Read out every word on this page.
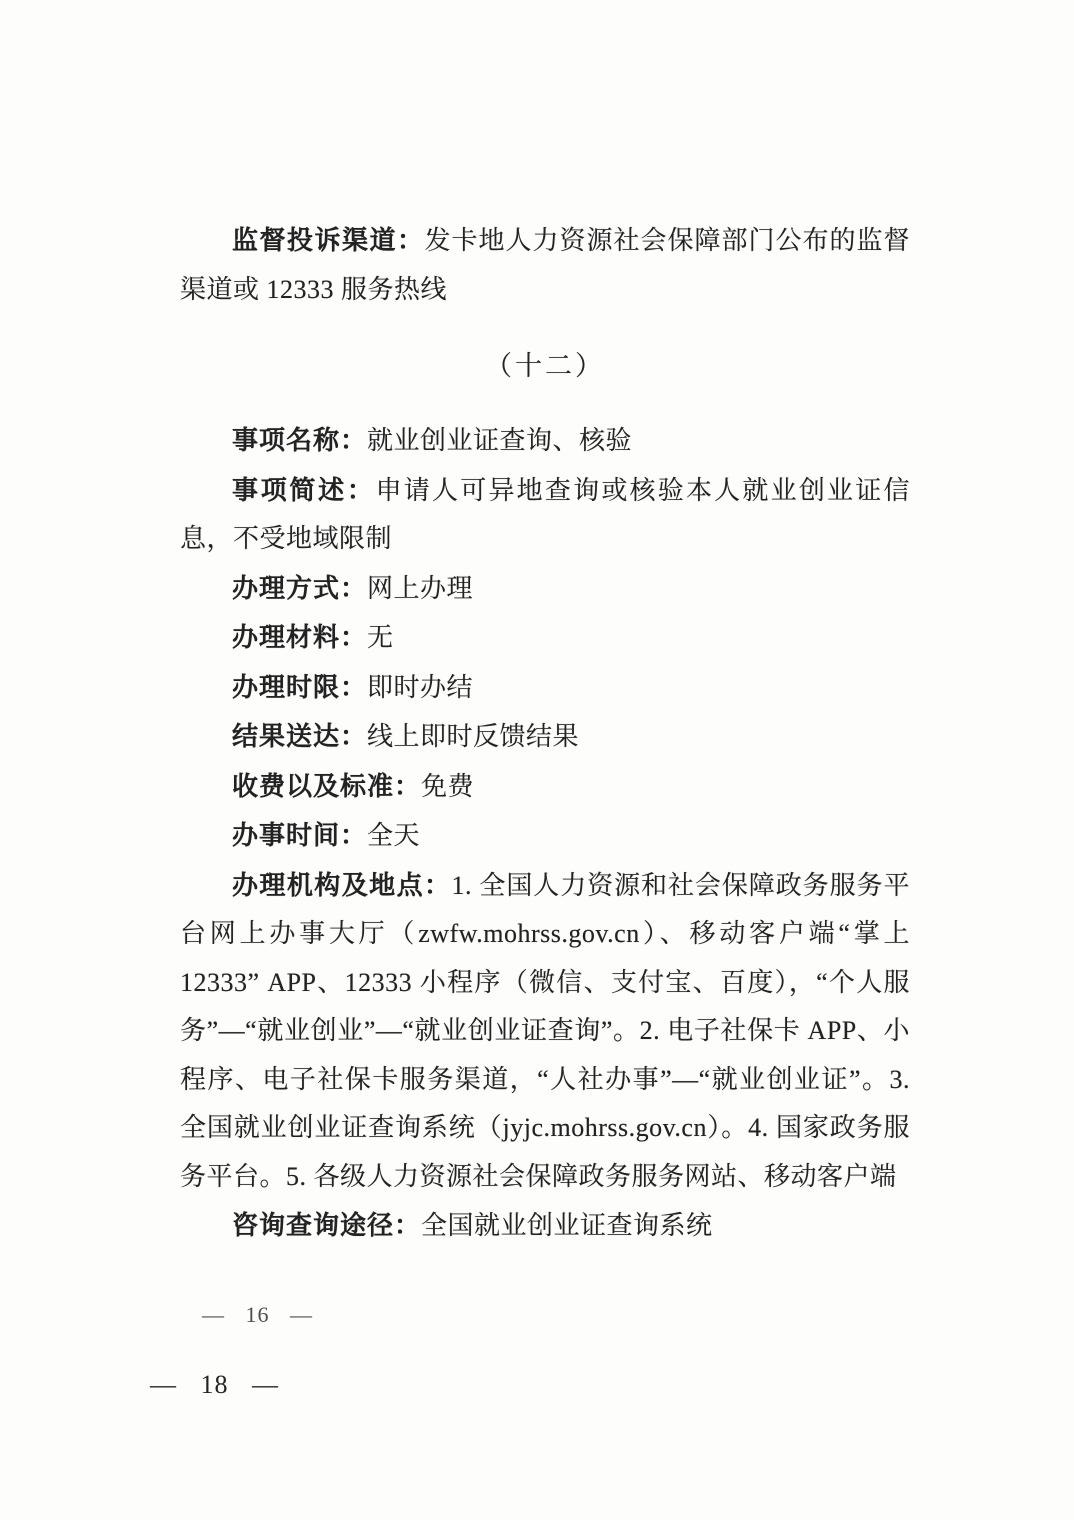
监督投诉渠道：发卡地人力资源社会保障部门公布的监督渠道或 12333 服务热线

（十二）

事项名称：就业创业证查询、核验

事项简述：申请人可异地查询或核验本人就业创业证信息，不受地域限制

办理方式：网上办理

办理材料：无

办理时限：即时办结

结果送达：线上即时反馈结果

收费以及标准：免费

办事时间：全天

办理机构及地点：1. 全国人力资源和社会保障政务服务平台网上办事大厅（zwfw.mohrss.gov.cn）、移动客户端“掌上 12333” APP、12333 小程序（微信、支付宝、百度），“个人服务”—“就业创业”—“就业创业证查询”。2. 电子社保卡 APP、小程序、电子社保卡服务渠道，“人社办事”—“就业创业证”。3. 全国就业创业证查询系统（jyjc.mohrss.gov.cn）。4. 国家政务服务平台。5. 各级人力资源社会保障政务服务网站、移动客户端

咨询查询途径：全国就业创业证查询系统

— 16 —
— 18 —
